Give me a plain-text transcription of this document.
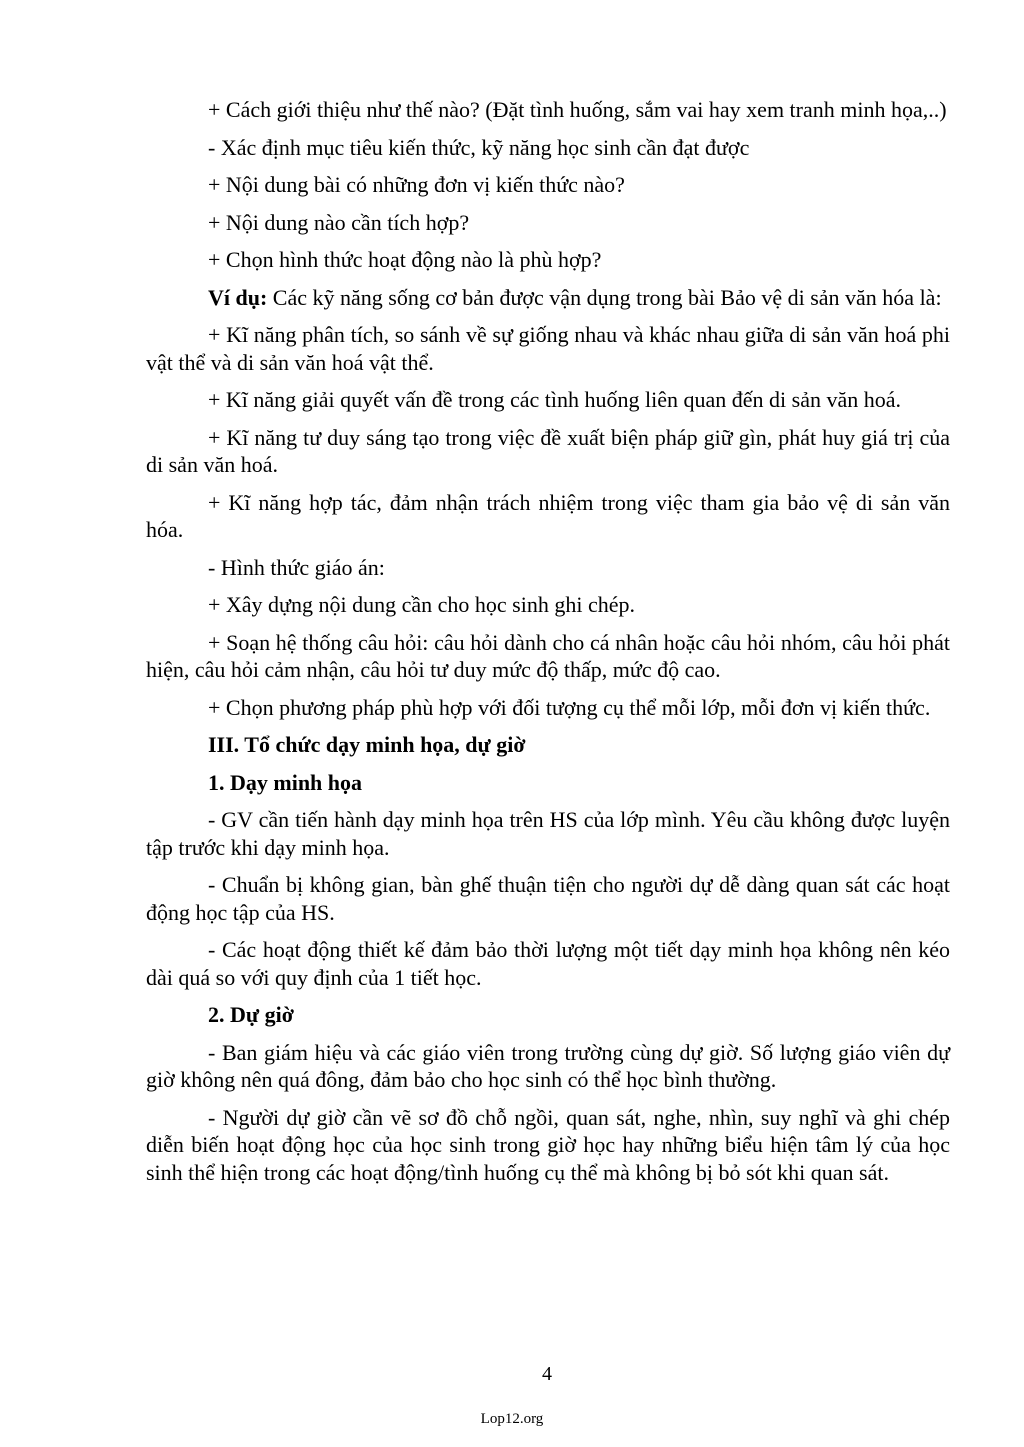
+ Cách giới thiệu như thế nào? (Đặt tình huống, sắm vai hay xem tranh minh họa,..)

- Xác định mục tiêu kiến thức, kỹ năng học sinh cần đạt được

+ Nội dung bài có những đơn vị kiến thức nào?

+ Nội dung nào cần tích hợp?

+ Chọn hình thức hoạt động nào là phù hợp?

Ví dụ: Các kỹ năng sống cơ bản được vận dụng trong bài Bảo vệ di sản văn hóa là:

+ Kĩ năng phân tích, so sánh về sự giống nhau và khác nhau giữa di sản văn hoá phi vật thể và di sản văn hoá vật thể.

+ Kĩ năng giải quyết vấn đề trong các tình huống liên quan đến di sản văn hoá.

+ Kĩ năng tư duy sáng tạo trong việc đề xuất biện pháp giữ gìn, phát huy giá trị của di sản văn hoá.

+ Kĩ năng hợp tác, đảm nhận trách nhiệm trong việc tham gia bảo vệ di sản văn hóa.

- Hình thức giáo án:

+ Xây dựng nội dung cần cho học sinh ghi chép.

+ Soạn hệ thống câu hỏi: câu hỏi dành cho cá nhân hoặc câu hỏi nhóm, câu hỏi phát hiện, câu hỏi cảm nhận, câu hỏi tư duy mức độ thấp, mức độ cao.

+ Chọn phương pháp phù hợp với đối tượng cụ thể mỗi lớp, mỗi đơn vị kiến thức.

III. Tổ chức dạy minh họa, dự giờ

1. Dạy minh họa

- GV cần tiến hành dạy minh họa trên HS của lớp mình. Yêu cầu không được luyện tập trước khi dạy minh họa.

- Chuẩn bị không gian, bàn ghế thuận tiện cho người dự dễ dàng quan sát các hoạt động học tập của HS.

- Các hoạt động thiết kế đảm bảo thời lượng một tiết dạy minh họa không nên kéo dài quá so với quy định của 1 tiết học.

2. Dự giờ

- Ban giám hiệu và các giáo viên trong trường cùng dự giờ. Số lượng giáo viên dự giờ không nên quá đông, đảm bảo cho học sinh có thể học bình thường.

- Người dự giờ cần vẽ sơ đồ chỗ ngồi, quan sát, nghe, nhìn, suy nghĩ và ghi chép diễn biến hoạt động học của học sinh trong giờ học hay những biểu hiện tâm lý của học sinh thể hiện trong các hoạt động/tình huống cụ thể mà không bị bỏ sót khi quan sát.

4
Lop12.org
